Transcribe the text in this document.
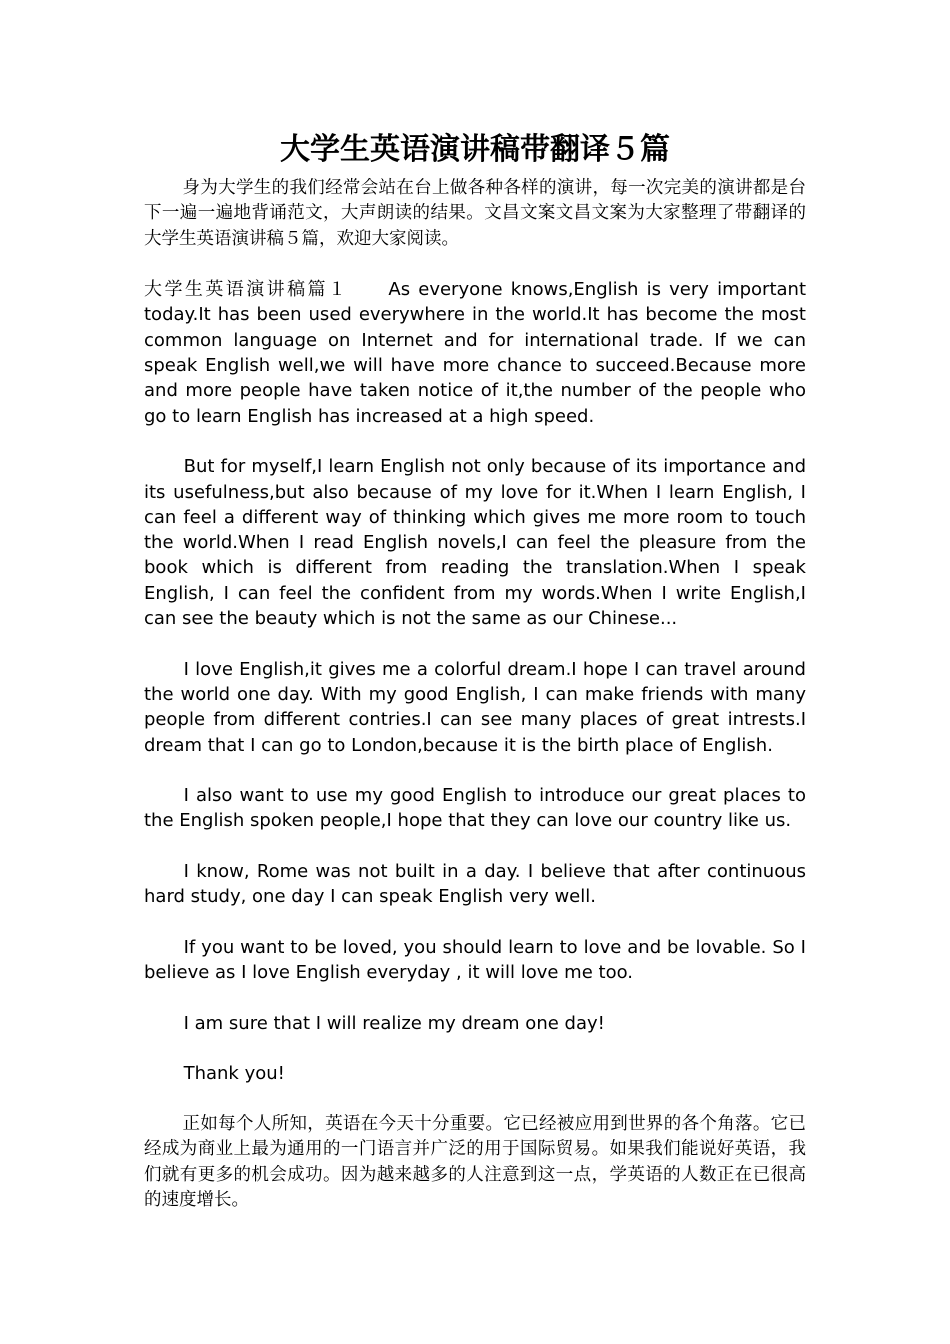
大学生英语演讲稿带翻译５篇

身为大学生的我们经常会站在台上做各种各样的演讲，每一次完美的演讲都是台下一遍一遍地背诵范文，大声朗读的结果。文昌文案文昌文案为大家整理了带翻译的大学生英语演讲稿５篇，欢迎大家阅读。

大学生英语演讲稿篇１ As everyone knows,English is very important today.It has been used everywhere in the world.It has become the most common language on Internet and for international trade. If we can speak English well,we will have more chance to succeed.Because more and more people have taken notice of it,the number of the people who go to learn English has increased at a high speed.

But for myself,I learn English not only because of its importance and its usefulness,but also because of my love for it.When I learn English, I can feel a different way of thinking which gives me more room to touch the world.When I read English novels,I can feel the pleasure from the book which is different from reading the translation.When I speak English, I can feel the confident from my words.When I write English,I can see the beauty which is not the same as our Chinese...

I love English,it gives me a colorful dream.I hope I can travel around the world one day. With my good English, I can make friends with many people from different contries.I can see many places of great intrests.I dream that I can go to London,because it is the birth place of English.

I also want to use my good English to introduce our great places to the English spoken people,I hope that they can love our country like us.

I know, Rome was not built in a day. I believe that after continuous hard study, one day I can speak English very well.

If you want to be loved, you should learn to love and be lovable. So I believe as I love English everyday , it will love me too.

I am sure that I will realize my dream one day!

Thank you!

正如每个人所知，英语在今天十分重要。它已经被应用到世界的各个角落。它已经成为商业上最为通用的一门语言并广泛的用于国际贸易。如果我们能说好英语，我们就有更多的机会成功。因为越来越多的人注意到这一点，学英语的人数正在已很高的速度增长。
